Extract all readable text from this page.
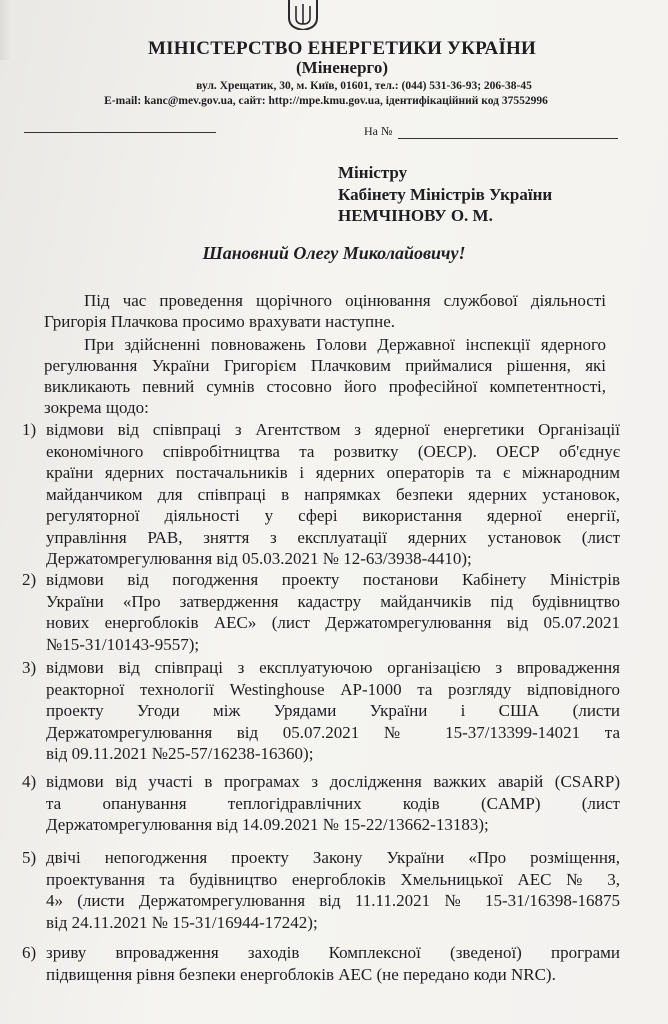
МІНІСТЕРСТВО ЕНЕРГЕТИКИ УКРАЇНИ
(Міненерго)
вул. Хрещатик, 30, м. Київ, 01601, тел.: (044) 531-36-93; 206-38-45
E-mail: kanc@mev.gov.ua, сайт: http://mpe.kmu.gov.ua, ідентифікаційний код 37552996
На №
Міністру
Кабінету Міністрів України
НЕМЧІНОВУ О. М.
Шановний Олегу Миколайовичу!
Під час проведення щорічного оцінювання службової діяльності Григорія Плачкова просимо врахувати наступне.
При здійсненні повноважень Голови Державної інспекції ядерного регулювання України Григорієм Плачковим приймалися рішення, які викликають певний сумнів стосовно його професійної компетентності, зокрема щодо:
1) відмови від співпраці з Агентством з ядерної енергетики Організації
економічного співробітництва та розвитку (ОЕСР). ОЕСР об'єднує
країни ядерних постачальників і ядерних операторів та є міжнародним
майданчиком для співпраці в напрямках безпеки ядерних установок,
регуляторної діяльності у сфері використання ядерної енергії,
управління РАВ, зняття з експлуатації ядерних установок (лист
Держатомрегулювання від 05.03.2021 № 12-63/3938-4410);
2) відмови від погодження проекту постанови Кабінету Міністрів
України «Про затвердження кадастру майданчиків під будівництво
нових енергоблоків АЕС» (лист Держатомрегулювання від 05.07.2021
№15-31/10143-9557);
3) відмови від співпраці з експлуатуючою організацією з впровадження
реакторної технології Westinghouse АР-1000 та розгляду відповідного
проекту Угоди між Урядами України і США (листи
Держатомрегулювання від 05.07.2021 № 15-37/13399-14021 та
від 09.11.2021 №25-57/16238-16360);
4) відмови від участі в програмах з дослідження важких аварій (CSARP)
та опанування теплогідравлічних кодів (CAMP) (лист
Держатомрегулювання від 14.09.2021 № 15-22/13662-13183);
5) двічі непогодження проекту Закону України «Про розміщення,
проектування та будівництво енергоблоків Хмельницької АЕС № 3,
4» (листи Держатомрегулювання від 11.11.2021 № 15-31/16398-16875
від 24.11.2021 № 15-31/16944-17242);
6) зриву впровадження заходів Комплексної (зведеної) програми
підвищення рівня безпеки енергоблоків АЕС (не передано коди NRC).
